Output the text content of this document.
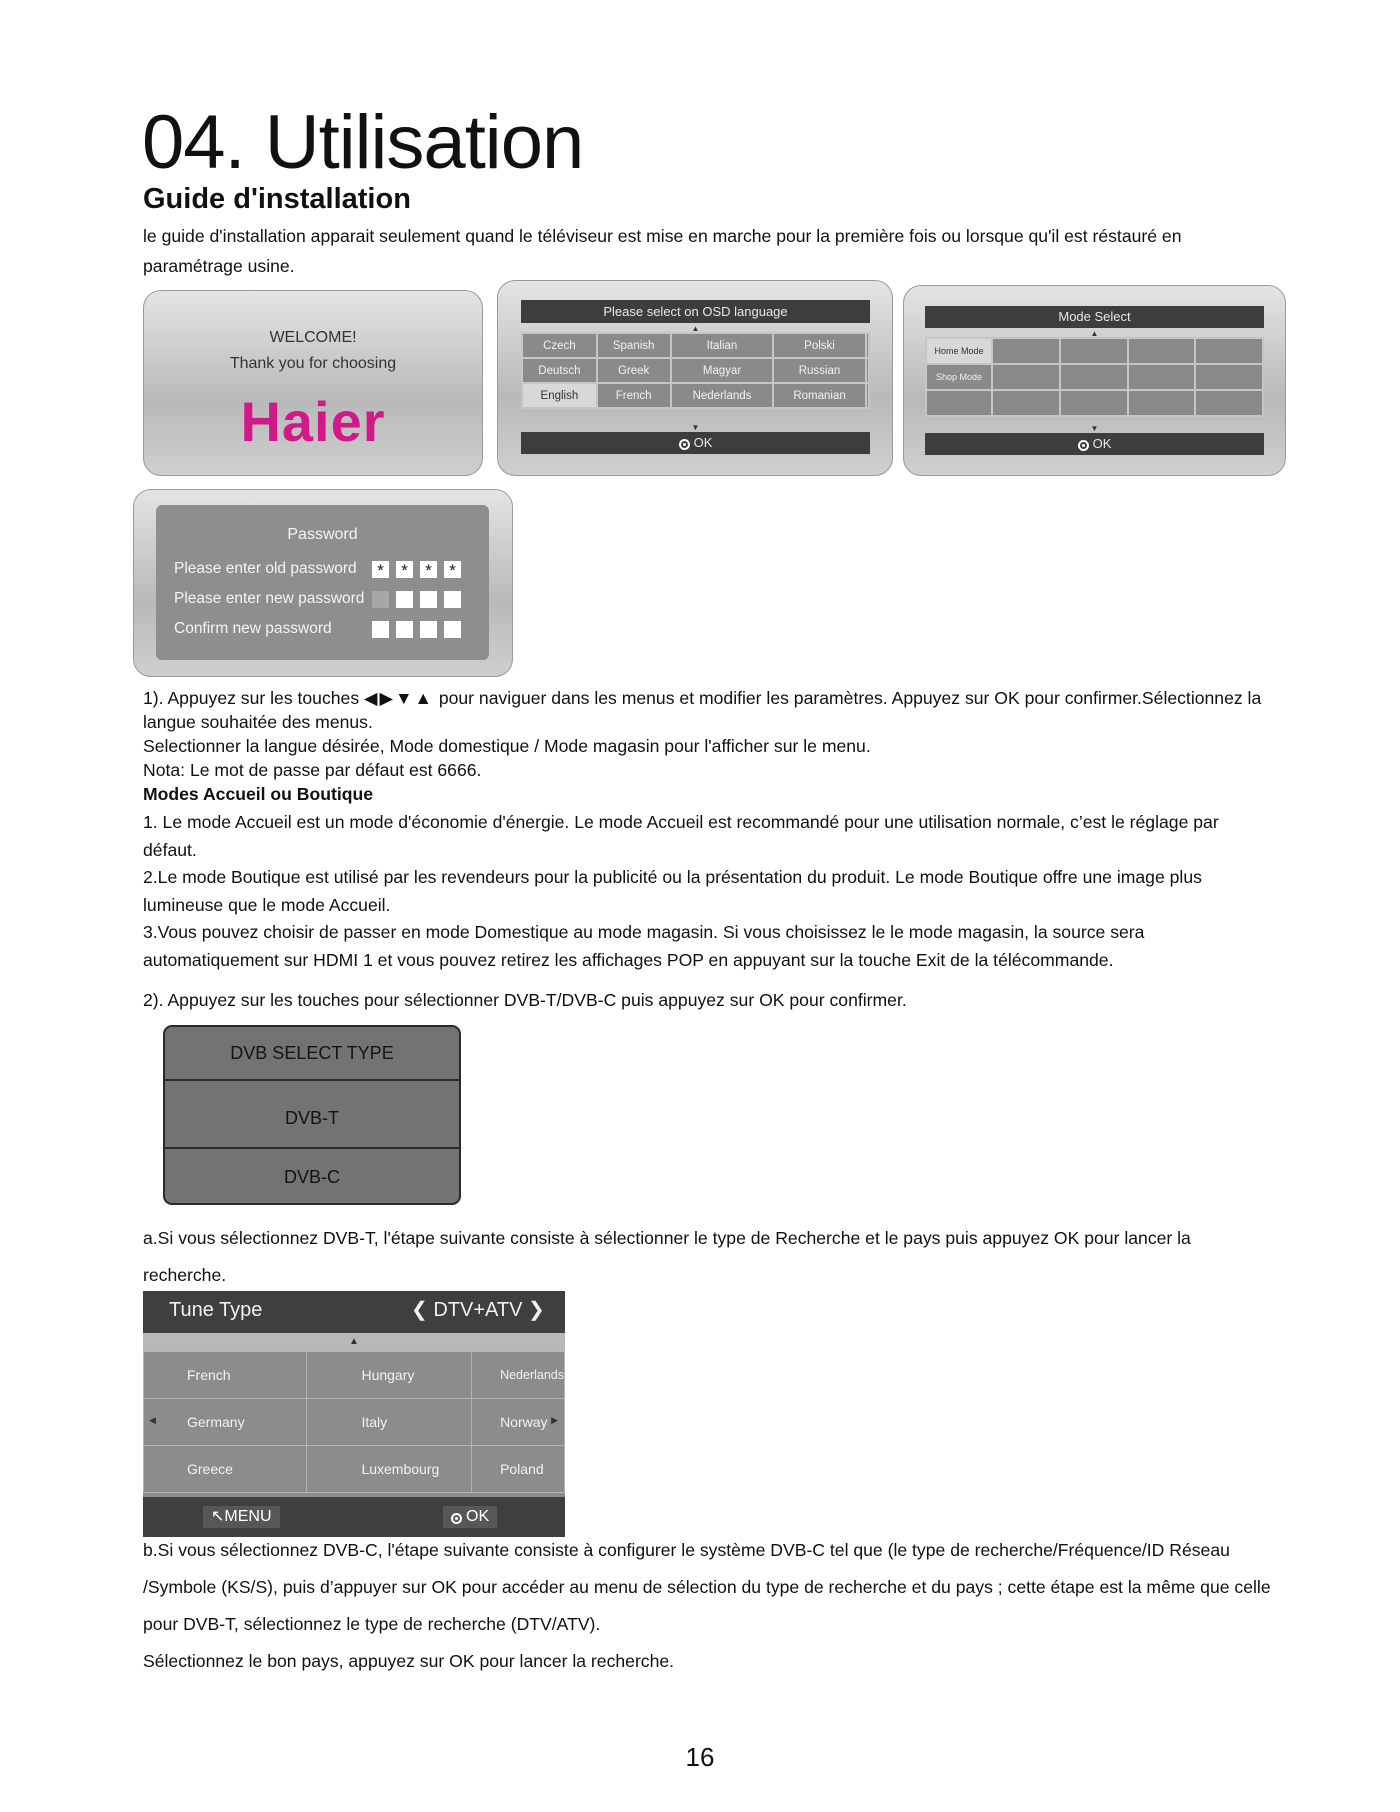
04. Utilisation
Guide d'installation
le guide d'installation apparait seulement quand le téléviseur est mise en marche pour la première fois ou lorsque qu'il est réstauré en paramétrage usine.
WELCOME!
Thank you for choosing
Haier
Please select on OSD language
▲
Czech	Spanish	Italian	Polski	
Deutsch	Greek	Magyar	Russian	
English	French	Nederlands	Romanian	
▼
OK
Mode Select
▲
Home Mode				
Shop Mode				

▼
OK
Password
Please enter old password	*	*	*	*
Please enter new password
Confirm new password

1). Appuyez sur les touches ◀▶▼▲ pour naviguer dans les menus et modifier les paramètres. Appuyez sur OK pour confirmer.Sélectionnez la langue souhaitée des menus.

Selectionner la langue désirée, Mode domestique / Mode magasin pour l'afficher sur le menu.

Nota: Le mot de passe par défaut est 6666.

Modes Accueil ou Boutique

1. Le mode Accueil est un mode d'économie d'énergie. Le mode Accueil est recommandé pour une utilisation normale, c’est le réglage par défaut.

2.Le mode Boutique est utilisé par les revendeurs pour la publicité ou la présentation du produit. Le mode Boutique offre une image plus lumineuse que le mode Accueil.

3.Vous pouvez choisir de passer en mode Domestique au mode magasin. Si vous choisissez le le mode magasin, la source sera automatiquement sur HDMI 1 et vous pouvez retirez les affichages POP en appuyant sur la touche Exit de la télécommande.

2). Appuyez sur les touches pour sélectionner DVB-T/DVB-C puis appuyez sur OK pour confirmer.
DVB SELECT TYPE
DVB-T
DVB-C
a.Si vous sélectionnez DVB-T, l'étape suivante consiste à sélectionner le type de Recherche et le pays puis appuyez OK pour lancer la recherche.
Tune Type	❮ DTV+ATV ❯
▲
French	Hungary	Nederlands

◀ Germany	Italy	Norway ▶

Greece	Luxembourg	Poland
↖MENU	OK

b.Si vous sélectionnez DVB-C, l'étape suivante consiste à configurer le système DVB-C tel que (le type de recherche/Fréquence/ID Réseau /Symbole (KS/S), puis d’appuyer sur OK pour accéder au menu de sélection du type de recherche et du pays ; cette étape est la même que celle pour DVB-T, sélectionnez le type de recherche (DTV/ATV).

Sélectionnez le bon pays, appuyez sur OK pour lancer la recherche.

16
